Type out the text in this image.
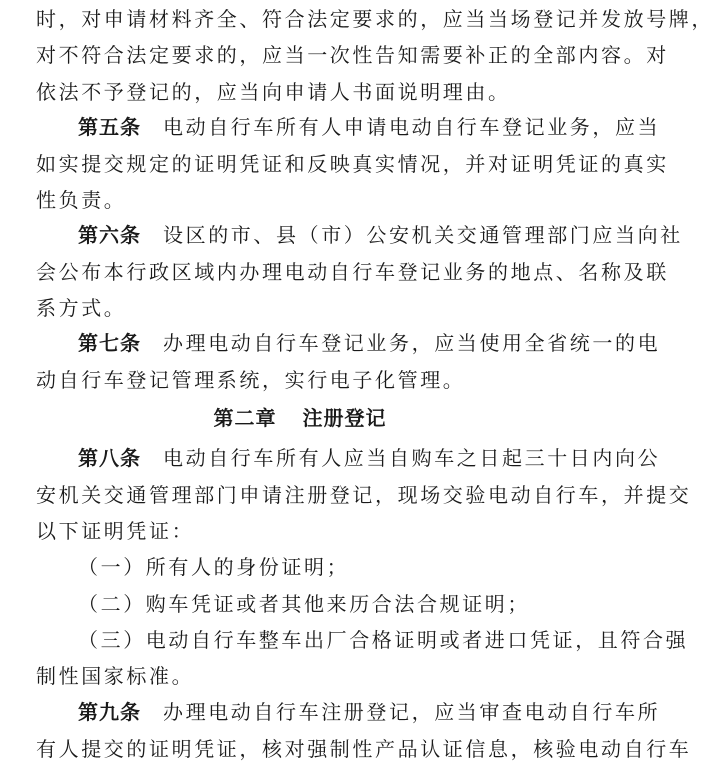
时，对申请材料齐全、符合法定要求的，应当当场登记并发放号牌，
对不符合法定要求的，应当一次性告知需要补正的全部内容。对
依法不予登记的，应当向申请人书面说明理由。
第五条 电动自行车所有人申请电动自行车登记业务，应当
如实提交规定的证明凭证和反映真实情况，并对证明凭证的真实
性负责。
第六条 设区的市、县（市）公安机关交通管理部门应当向社
会公布本行政区域内办理电动自行车登记业务的地点、名称及联
系方式。
第七条 办理电动自行车登记业务，应当使用全省统一的电
动自行车登记管理系统，实行电子化管理。
第二章 注册登记
第八条 电动自行车所有人应当自购车之日起三十日内向公
安机关交通管理部门申请注册登记，现场交验电动自行车，并提交
以下证明凭证：
（一）所有人的身份证明；
（二）购车凭证或者其他来历合法合规证明；
（三）电动自行车整车出厂合格证明或者进口凭证，且符合强
制性国家标准。
第九条 办理电动自行车注册登记，应当审查电动自行车所
有人提交的证明凭证，核对强制性产品认证信息，核验电动自行车
